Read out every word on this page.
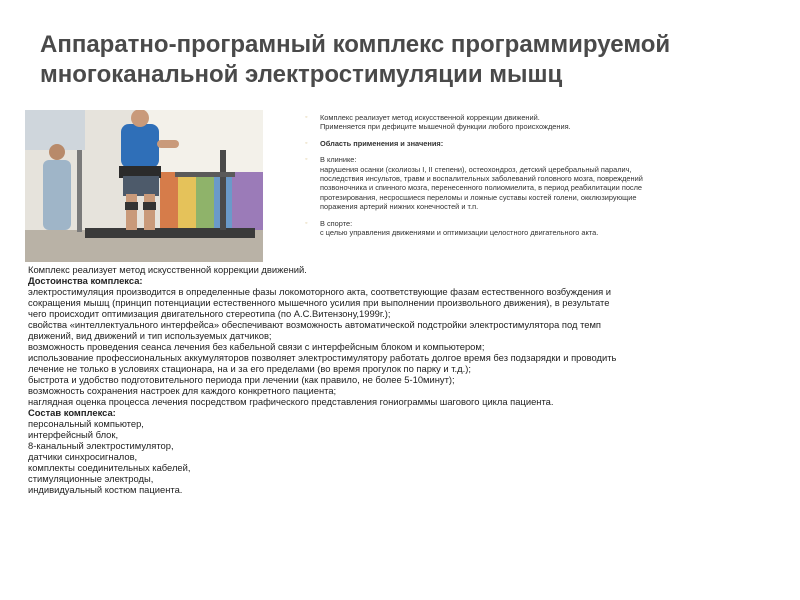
Аппаратно-програмный комплекс программируемой
многоканальной электростимуляции мышц
◦ Комплекс реализует метод искусственной коррекции движений.
Применяется при дефиците мышечной функции любого происхождения.
◦ Область применения и значения:
◦ В клинике:
нарушения осанки (сколиозы I, II степени), остеохондроз, детский церебральный паралич,
последствия инсультов, травм и воспалительных заболеваний головного мозга, повреждений
позвоночника и спинного мозга, перенесенного полиомиелита, в период реабилитации после
протезирования, несросшиеся переломы и ложные суставы костей голени, окклюзирующие
поражения артерий нижних конечностей и т.п.
◦ В спорте:
с целью управления движениями и оптимизации целостного двигательного акта.
Комплекс реализует метод искусственной коррекции движений.
Достоинства комплекса:
электростимуляция производится в определенные фазы локомоторного акта, соответствующие фазам естественного возбуждения и
сокращения мышц (принцип потенциации естественного мышечного усилия при выполнении произвольного движения), в результате
чего происходит оптимизация двигательного стереотипа (по А.С.Витензону,1999г.);
свойства «интеллектуального интерфейса» обеспечивают возможность автоматической подстройки электростимулятора под темп
движений, вид движений и тип используемых датчиков;
возможность проведения сеанса лечения без кабельной связи с интерфейсным блоком и компьютером;
использование профессиональных аккумуляторов позволяет электростимулятору работать долгое время без подзарядки и проводить
лечение не только в условиях стационара, на и за его пределами (во время прогулок по парку и т.д.);
быстрота и удобство подготовительного периода при лечении (как правило, не более 5-10минут);
возможность сохранения настроек для каждого конкретного пациента;
наглядная оценка процесса лечения посредством графического представления гониограммы шагового цикла пациента.
Состав комплекса:
персональный компьютер,
интерфейсный блок,
8-канальный электростимулятор,
датчики синхросигналов,
комплекты соединительных кабелей,
стимуляционные электроды,
индивидуальный костюм пациента.
